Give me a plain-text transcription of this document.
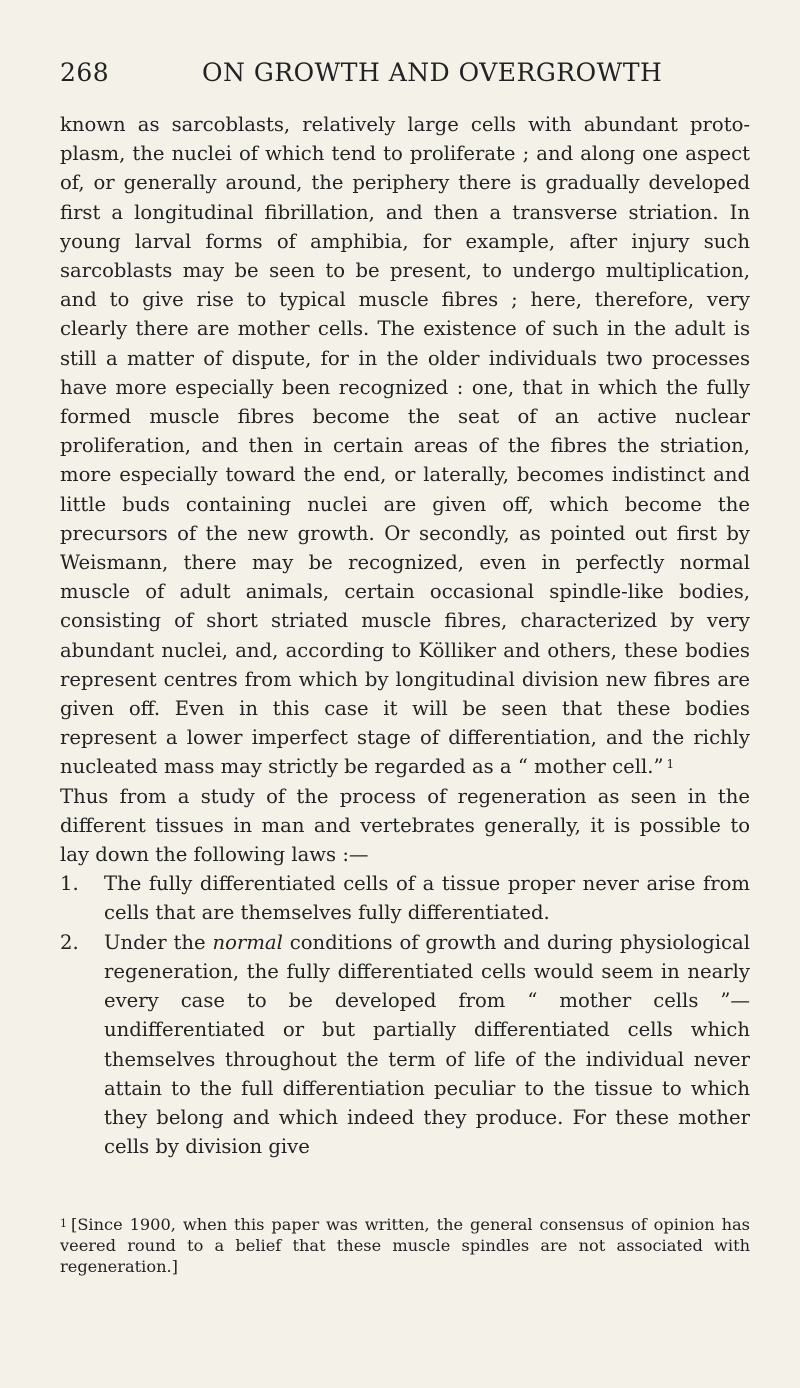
268	ON GROWTH AND OVERGROWTH

known as sarcoblasts, relatively large cells with abundant protoplasm, the nuclei of which tend to proliferate ; and along one aspect of, or generally around, the periphery there is gradually developed first a longitudinal fibrillation, and then a transverse striation. In young larval forms of amphibia, for example, after injury such sarcoblasts may be seen to be present, to undergo multiplication, and to give rise to typical muscle fibres ; here, therefore, very clearly there are mother cells. The existence of such in the adult is still a matter of dispute, for in the older individuals two processes have more especially been recognized : one, that in which the fully formed muscle fibres become the seat of an active nuclear proliferation, and then in certain areas of the fibres the striation, more especially toward the end, or laterally, becomes indistinct and little buds containing nuclei are given off, which become the precursors of the new growth. Or secondly, as pointed out first by Weismann, there may be recognized, even in perfectly normal muscle of adult animals, certain occasional spindle-like bodies, consisting of short striated muscle fibres, characterized by very abundant nuclei, and, according to Kölliker and others, these bodies represent centres from which by longitudinal division new fibres are given off. Even in this case it will be seen that these bodies represent a lower imperfect stage of differentiation, and the richly nucleated mass may strictly be regarded as a “ mother cell.” $^1$

Thus from a study of the process of regeneration as seen in the different tissues in man and vertebrates generally, it is possible to lay down the following laws :—

1. The fully differentiated cells of a tissue proper never arise from cells that are themselves fully differentiated.

2. Under the normal conditions of growth and during physiological regeneration, the fully differentiated cells would seem in nearly every case to be developed from “ mother cells ”—undifferentiated or but partially differentiated cells which themselves throughout the term of life of the individual never attain to the full differentiation peculiar to the tissue to which they belong and which indeed they produce. For these mother cells by division give

$^1$ [Since 1900, when this paper was written, the general consensus of opinion has veered round to a belief that these muscle spindles are not associated with regeneration.]
